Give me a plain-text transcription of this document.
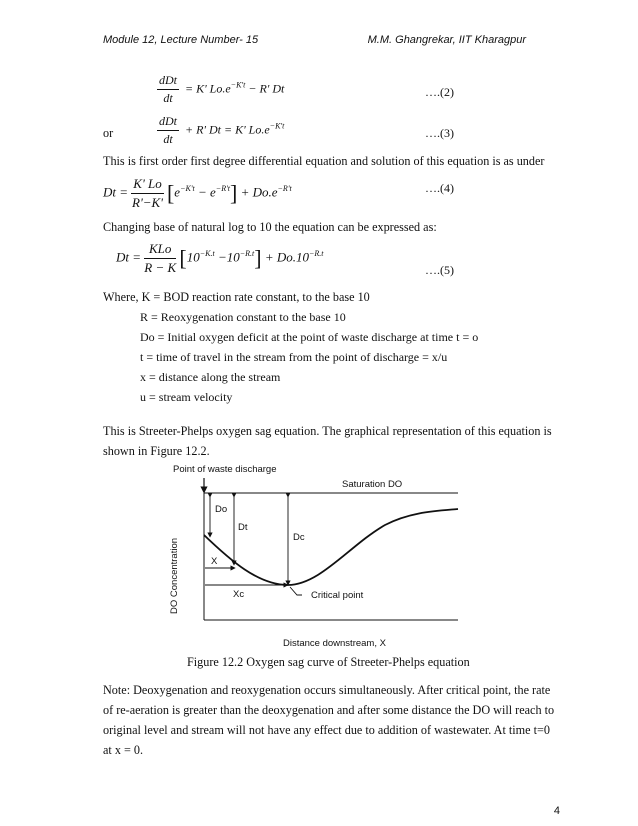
Module 12, Lecture Number- 15	M.M. Ghangrekar, IIT Kharagpur
$\frac{\text{dDt}}{dt} = K'$ $Lo.e^{-K't} - R'$ Dt	….(2)
or	$\frac{\text{dDt}}{dt} + R'$ Dt = K' $Lo.e^{-K't}$
….(3)
This is first order first degree differential equation and solution of this equation is as under
$Dt = \frac{K' Lo}{R'-K'} [e^{-K't} - e^{-R't}] + Do.e^{-R't}$	….(4)
Changing base of natural log to 10 the equation can be expressed as:
$Dt = \frac{\text{KLo}}{R - K} [10^{-K.t} -10^{-R.t}] + Do.10^{-R.t}$
….(5)
Where, K = BOD reaction rate constant, to the base 10
R = Reoxygenation constant to the base 10
Do = Initial oxygen deficit at the point of waste discharge at time t = o
t = time of travel in the stream from the point of discharge = x/u
x = distance along the stream
u = stream velocity
This is Streeter-Phelps oxygen sag equation. The graphical representation of this equation is
shown in Figure 12.2.
Point of waste discharge
Saturation DO
Do
Dt
Dc
X
Xc	Critical point
DO Concentration
Distance downstream, X
Figure 12.2 Oxygen sag curve of Streeter-Phelps equation
Note: Deoxygenation and reoxygenation occurs simultaneously. After critical point, the rate
of re-aeration is greater than the deoxygenation and after some distance the DO will reach to
original level and stream will not have any effect due to addition of wastewater. At time t=0
at x = 0.
4
